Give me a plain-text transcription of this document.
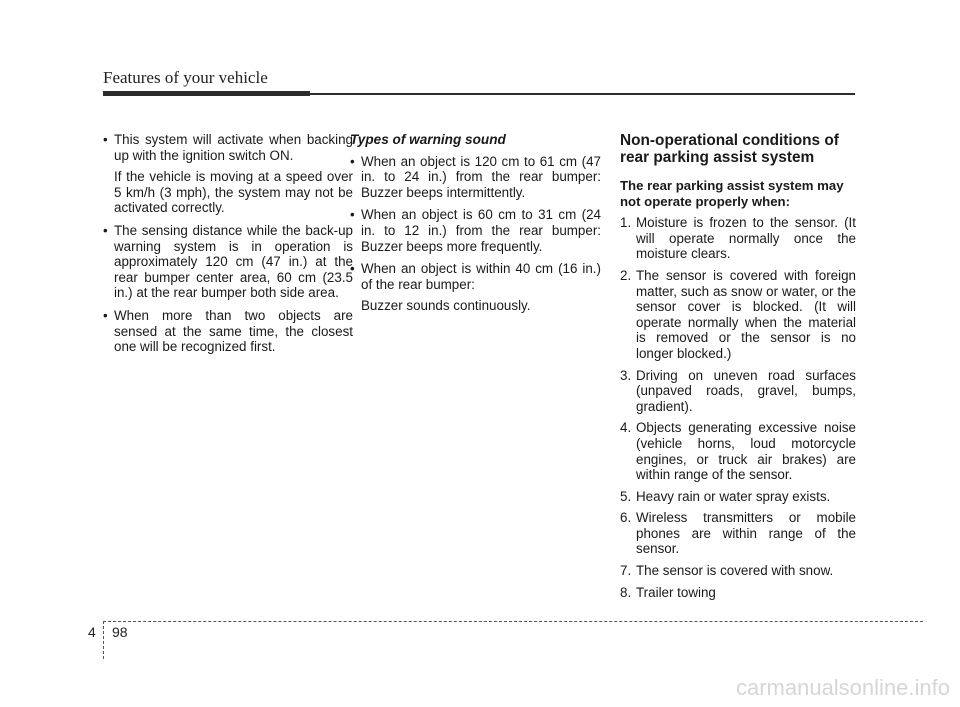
Features of your vehicle
• This system will activate when backing up with the ignition switch ON.
If the vehicle is moving at a speed over 5 km/h (3 mph), the system may not be activated correctly.
• The sensing distance while the back-up warning system is in operation is approximately 120 cm (47 in.) at the rear bumper center area, 60 cm (23.5 in.) at the rear bumper both side area.
• When more than two objects are sensed at the same time, the closest one will be recognized first.
Types of warning sound
• When an object is 120 cm to 61 cm (47 in. to 24 in.) from the rear bumper: Buzzer beeps intermittently.
• When an object is 60 cm to 31 cm (24 in. to 12 in.) from the rear bumper: Buzzer beeps more frequently.
• When an object is within 40 cm (16 in.) of the rear bumper:
Buzzer sounds continuously.
Non-operational conditions of rear parking assist system
The rear parking assist system may not operate properly when:
1. Moisture is frozen to the sensor. (It will operate normally once the moisture clears.
2. The sensor is covered with foreign matter, such as snow or water, or the sensor cover is blocked. (It will operate normally when the material is removed or the sensor is no longer blocked.)
3. Driving on uneven road surfaces (unpaved roads, gravel, bumps, gradient).
4. Objects generating excessive noise (vehicle horns, loud motorcycle engines, or truck air brakes) are within range of the sensor.
5. Heavy rain or water spray exists.
6. Wireless transmitters or mobile phones are within range of the sensor.
7. The sensor is covered with snow.
8. Trailer towing
4 98
carmanualsonline.info
